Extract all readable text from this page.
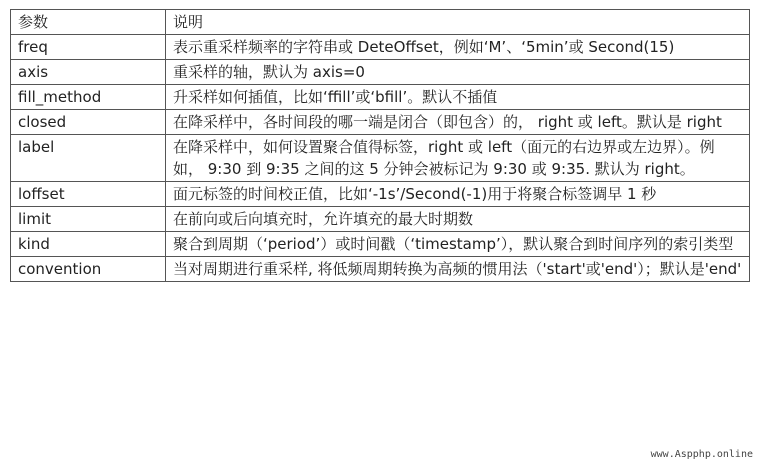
参数	说明
freq	表示重采样频率的字符串或 DeteOffset，例如‘M’、‘5min’或 Second(15)
axis	重采样的轴，默认为 axis=0
fill_method	升采样如何插值，比如‘ffill’或‘bfill’。默认不插值
closed	在降采样中，各时间段的哪一端是闭合（即包含）的， right 或 left。默认是 right
label	在降采样中，如何设置聚合值得标签，right 或 left（面元的右边界或左边界）。例如， 9:30 到 9:35 之间的这 5 分钟会被标记为 9:30 或 9:35. 默认为 right。
loffset	面元标签的时间校正值，比如‘-1s’/Second(-1)用于将聚合标签调早 1 秒
limit	在前向或后向填充时，允许填充的最大时期数
kind	聚合到周期（‘period’）或时间戳（‘timestamp’），默认聚合到时间序列的索引类型
convention	当对周期进行重采样, 将低频周期转换为高频的惯用法（'start'或'end'）；默认是'end'
www.Aspphp.online
